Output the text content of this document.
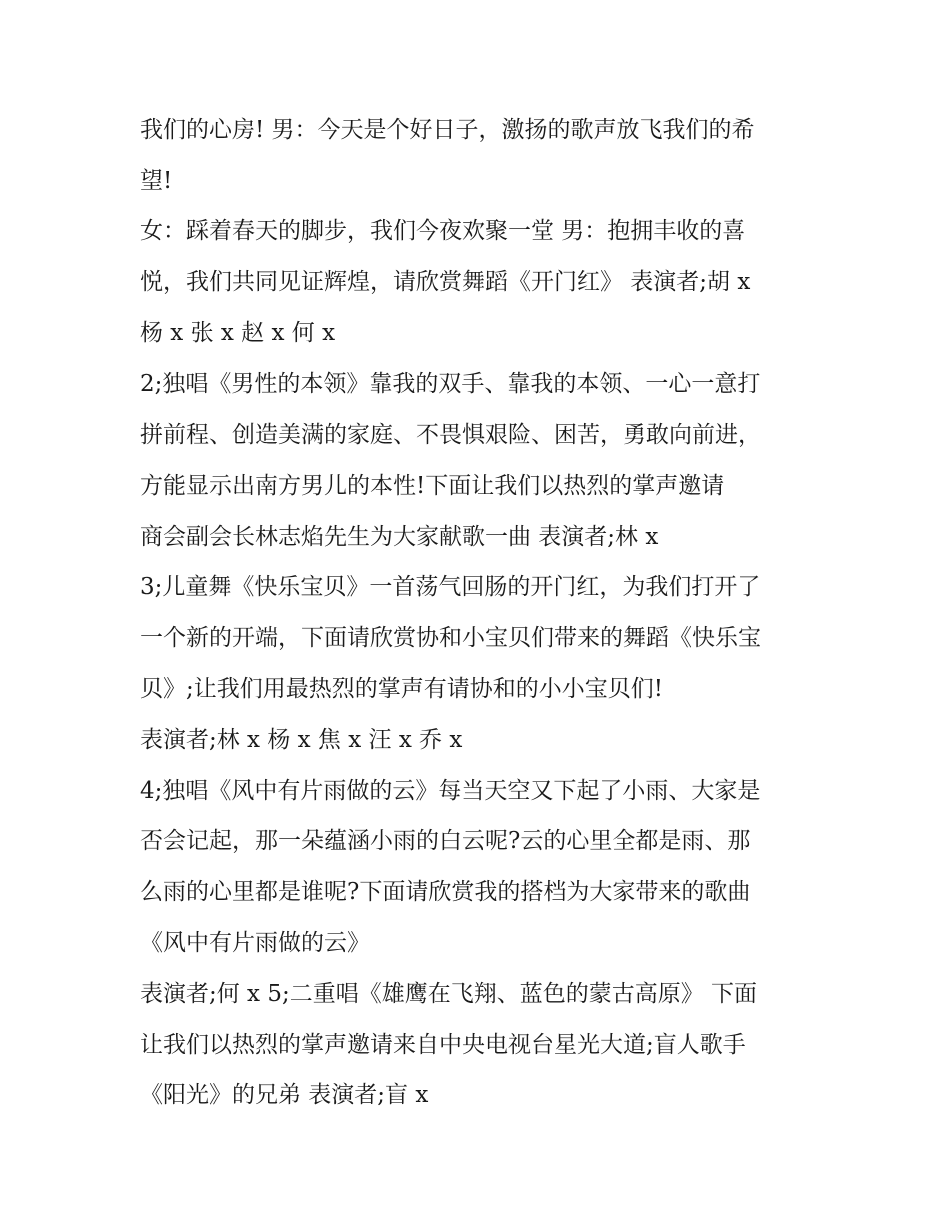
我们的心房! 男：今天是个好日子，激扬的歌声放飞我们的希
望!
女：踩着春天的脚步，我们今夜欢聚一堂 男：抱拥丰收的喜
悦，我们共同见证辉煌，请欣赏舞蹈《开门红》 表演者;胡 x
杨 x 张 x 赵 x 何 x
2;独唱《男性的本领》靠我的双手、靠我的本领、一心一意打
拼前程、创造美满的家庭、不畏惧艰险、困苦，勇敢向前进，
方能显示出南方男儿的本性!下面让我们以热烈的掌声邀请
商会副会长林志焰先生为大家献歌一曲 表演者;林 x
3;儿童舞《快乐宝贝》一首荡气回肠的开门红，为我们打开了
一个新的开端，下面请欣赏协和小宝贝们带来的舞蹈《快乐宝
贝》;让我们用最热烈的掌声有请协和的小小宝贝们!
表演者;林 x 杨 x 焦 x 汪 x 乔 x
4;独唱《风中有片雨做的云》每当天空又下起了小雨、大家是
否会记起，那一朵蕴涵小雨的白云呢?云的心里全都是雨、那
么雨的心里都是谁呢?下面请欣赏我的搭档为大家带来的歌曲
《风中有片雨做的云》
表演者;何 x 5;二重唱《雄鹰在飞翔、蓝色的蒙古高原》 下面
让我们以热烈的掌声邀请来自中央电视台星光大道;盲人歌手
《阳光》的兄弟 表演者;盲 x
